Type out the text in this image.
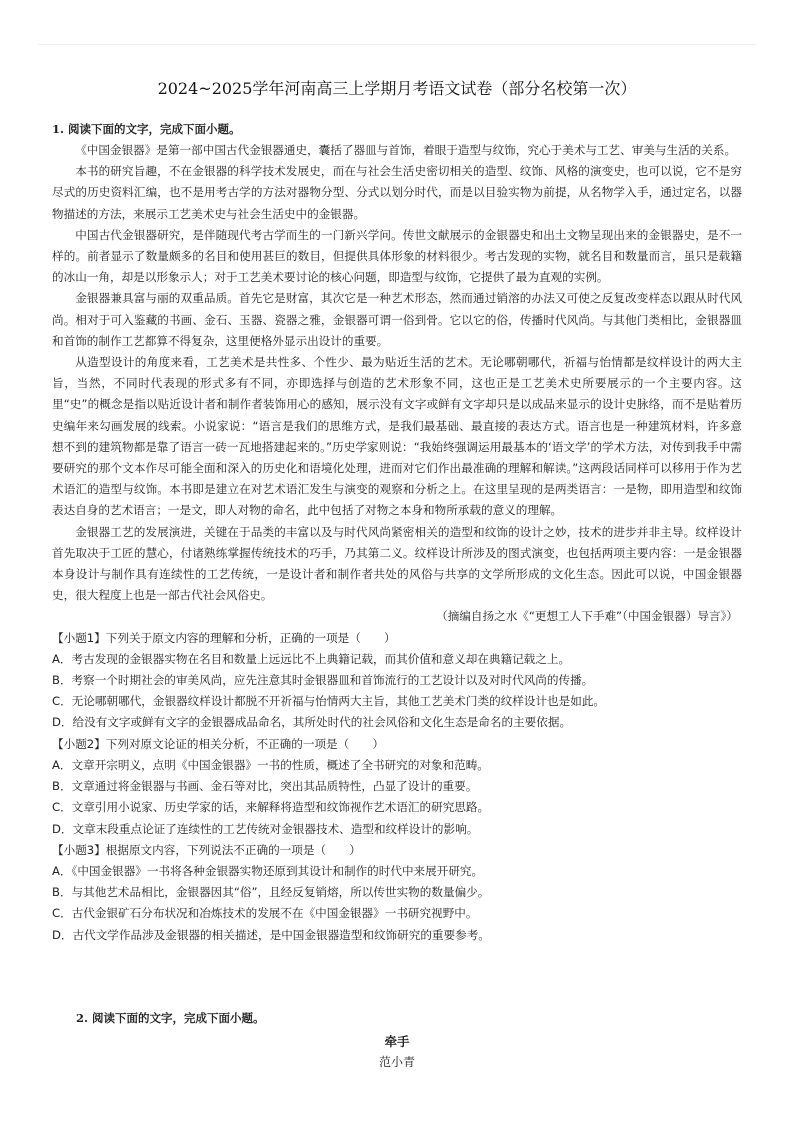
2024~2025学年河南高三上学期月考语文试卷（部分名校第一次）

1. 阅读下面的文字，完成下面小题。

《中国金银器》是第一部中国古代金银器通史，囊括了器皿与首饰，着眼于造型与纹饰，究心于美术与工艺、审美与生活的关系。

本书的研究旨趣，不在金银器的科学技术发展史，而在与社会生活史密切相关的造型、纹饰、风格的演变史，也可以说，它不是穷尽式的历史资料汇编，也不是用考古学的方法对器物分型、分式以划分时代，而是以目验实物为前提，从名物学入手，通过定名，以器物描述的方法，来展示工艺美术史与社会生活史中的金银器。

中国古代金银器研究，是伴随现代考古学而生的一门新兴学问。传世文献展示的金银器史和出土文物呈现出来的金银器史，是不一样的。前者显示了数量颇多的名目和使用甚巨的数目，但提供具体形象的材料很少。考古发现的实物，就名目和数量而言，虽只是载籍的冰山一角，却是以形象示人；对于工艺美术要讨论的核心问题，即造型与纹饰，它提供了最为直观的实例。

金银器兼具富与丽的双重品质。首先它是财富，其次它是一种艺术形态，然而通过销溶的办法又可使之反复改变样态以跟从时代风尚。相对于可入鉴藏的书画、金石、玉器、瓷器之雅，金银器可谓一俗到骨。它以它的俗，传播时代风尚。与其他门类相比，金银器皿和首饰的制作工艺都算不得复杂，这里便格外显示出设计的重要。

从造型设计的角度来看，工艺美术是共性多、个性少、最为贴近生活的艺术。无论哪朝哪代，祈福与怡情都是纹样设计的两大主旨，当然，不同时代表现的形式多有不同，亦即选择与创造的艺术形象不同，这也正是工艺美术史所要展示的一个主要内容。这里“史”的概念是指以贴近设计者和制作者装饰用心的感知，展示没有文字或鲜有文字却只是以成品来显示的设计史脉络，而不是贴着历史编年来勾画发展的线索。小说家说：“语言是我们的思维方式，是我们最基础、最直接的表达方式。语言也是一种建筑材料，许多意想不到的建筑物都是靠了语言一砖一瓦地搭建起来的。”历史学家则说：“我始终强调运用最基本的‘语文学’的学术方法，对传到我手中需要研究的那个文本作尽可能全面和深入的历史化和语境化处理，进而对它们作出最准确的理解和解读。”这两段话同样可以移用于作为艺术语汇的造型与纹饰。本书即是建立在对艺术语汇发生与演变的观察和分析之上。在这里呈现的是两类语言：一是物，即用造型和纹饰表达自身的艺术语言；一是文，即人对物的命名，此中包括了对物之本身和物所承载的意义的理解。

金银器工艺的发展演进，关键在于品类的丰富以及与时代风尚紧密相关的造型和纹饰的设计之妙，技术的进步并非主导。纹样设计首先取决于工匠的慧心，付诸熟练掌握传统技术的巧手，乃其第二义。纹样设计所涉及的图式演变，也包括两项主要内容：一是金银器本身设计与制作具有连续性的工艺传统，一是设计者和制作者共处的风俗与共享的文学所形成的文化生态。因此可以说，中国金银器史，很大程度上也是一部古代社会风俗史。

（摘编自扬之水《“更想工人下手难”（中国金银器）导言》）

【小题1】下列关于原文内容的理解和分析，正确的一项是（　　）

A．考古发现的金银器实物在名目和数量上远远比不上典籍记载，而其价值和意义却在典籍记载之上。

B．考察一个时期社会的审美风尚，应先注意其时金银器皿和首饰流行的工艺设计以及对时代风尚的传播。

C．无论哪朝哪代，金银器纹样设计都脱不开祈福与怡情两大主旨，其他工艺美术门类的纹样设计也是如此。

D．给没有文字或鲜有文字的金银器成品命名，其所处时代的社会风俗和文化生态是命名的主要依据。

【小题2】下列对原文论证的相关分析，不正确的一项是（　　）

A．文章开宗明义，点明《中国金银器》一书的性质，概述了全书研究的对象和范畴。

B．文章通过将金银器与书画、金石等对比，突出其品质特性，凸显了设计的重要。

C．文章引用小说家、历史学家的话，来解释将造型和纹饰视作艺术语汇的研究思路。

D．文章末段重点论证了连续性的工艺传统对金银器技术、造型和纹样设计的影响。

【小题3】根据原文内容，下列说法不正确的一项是（　　）

A．《中国金银器》一书将各种金银器实物还原到其设计和制作的时代中来展开研究。

B．与其他艺术品相比，金银器因其“俗”，且经反复销熔，所以传世实物的数量偏少。

C．古代金银矿石分布状况和冶炼技术的发展不在《中国金银器》一书研究视野中。

D．古代文学作品涉及金银器的相关描述，是中国金银器造型和纹饰研究的重要参考。

2. 阅读下面的文字，完成下面小题。
牵手
范小青
